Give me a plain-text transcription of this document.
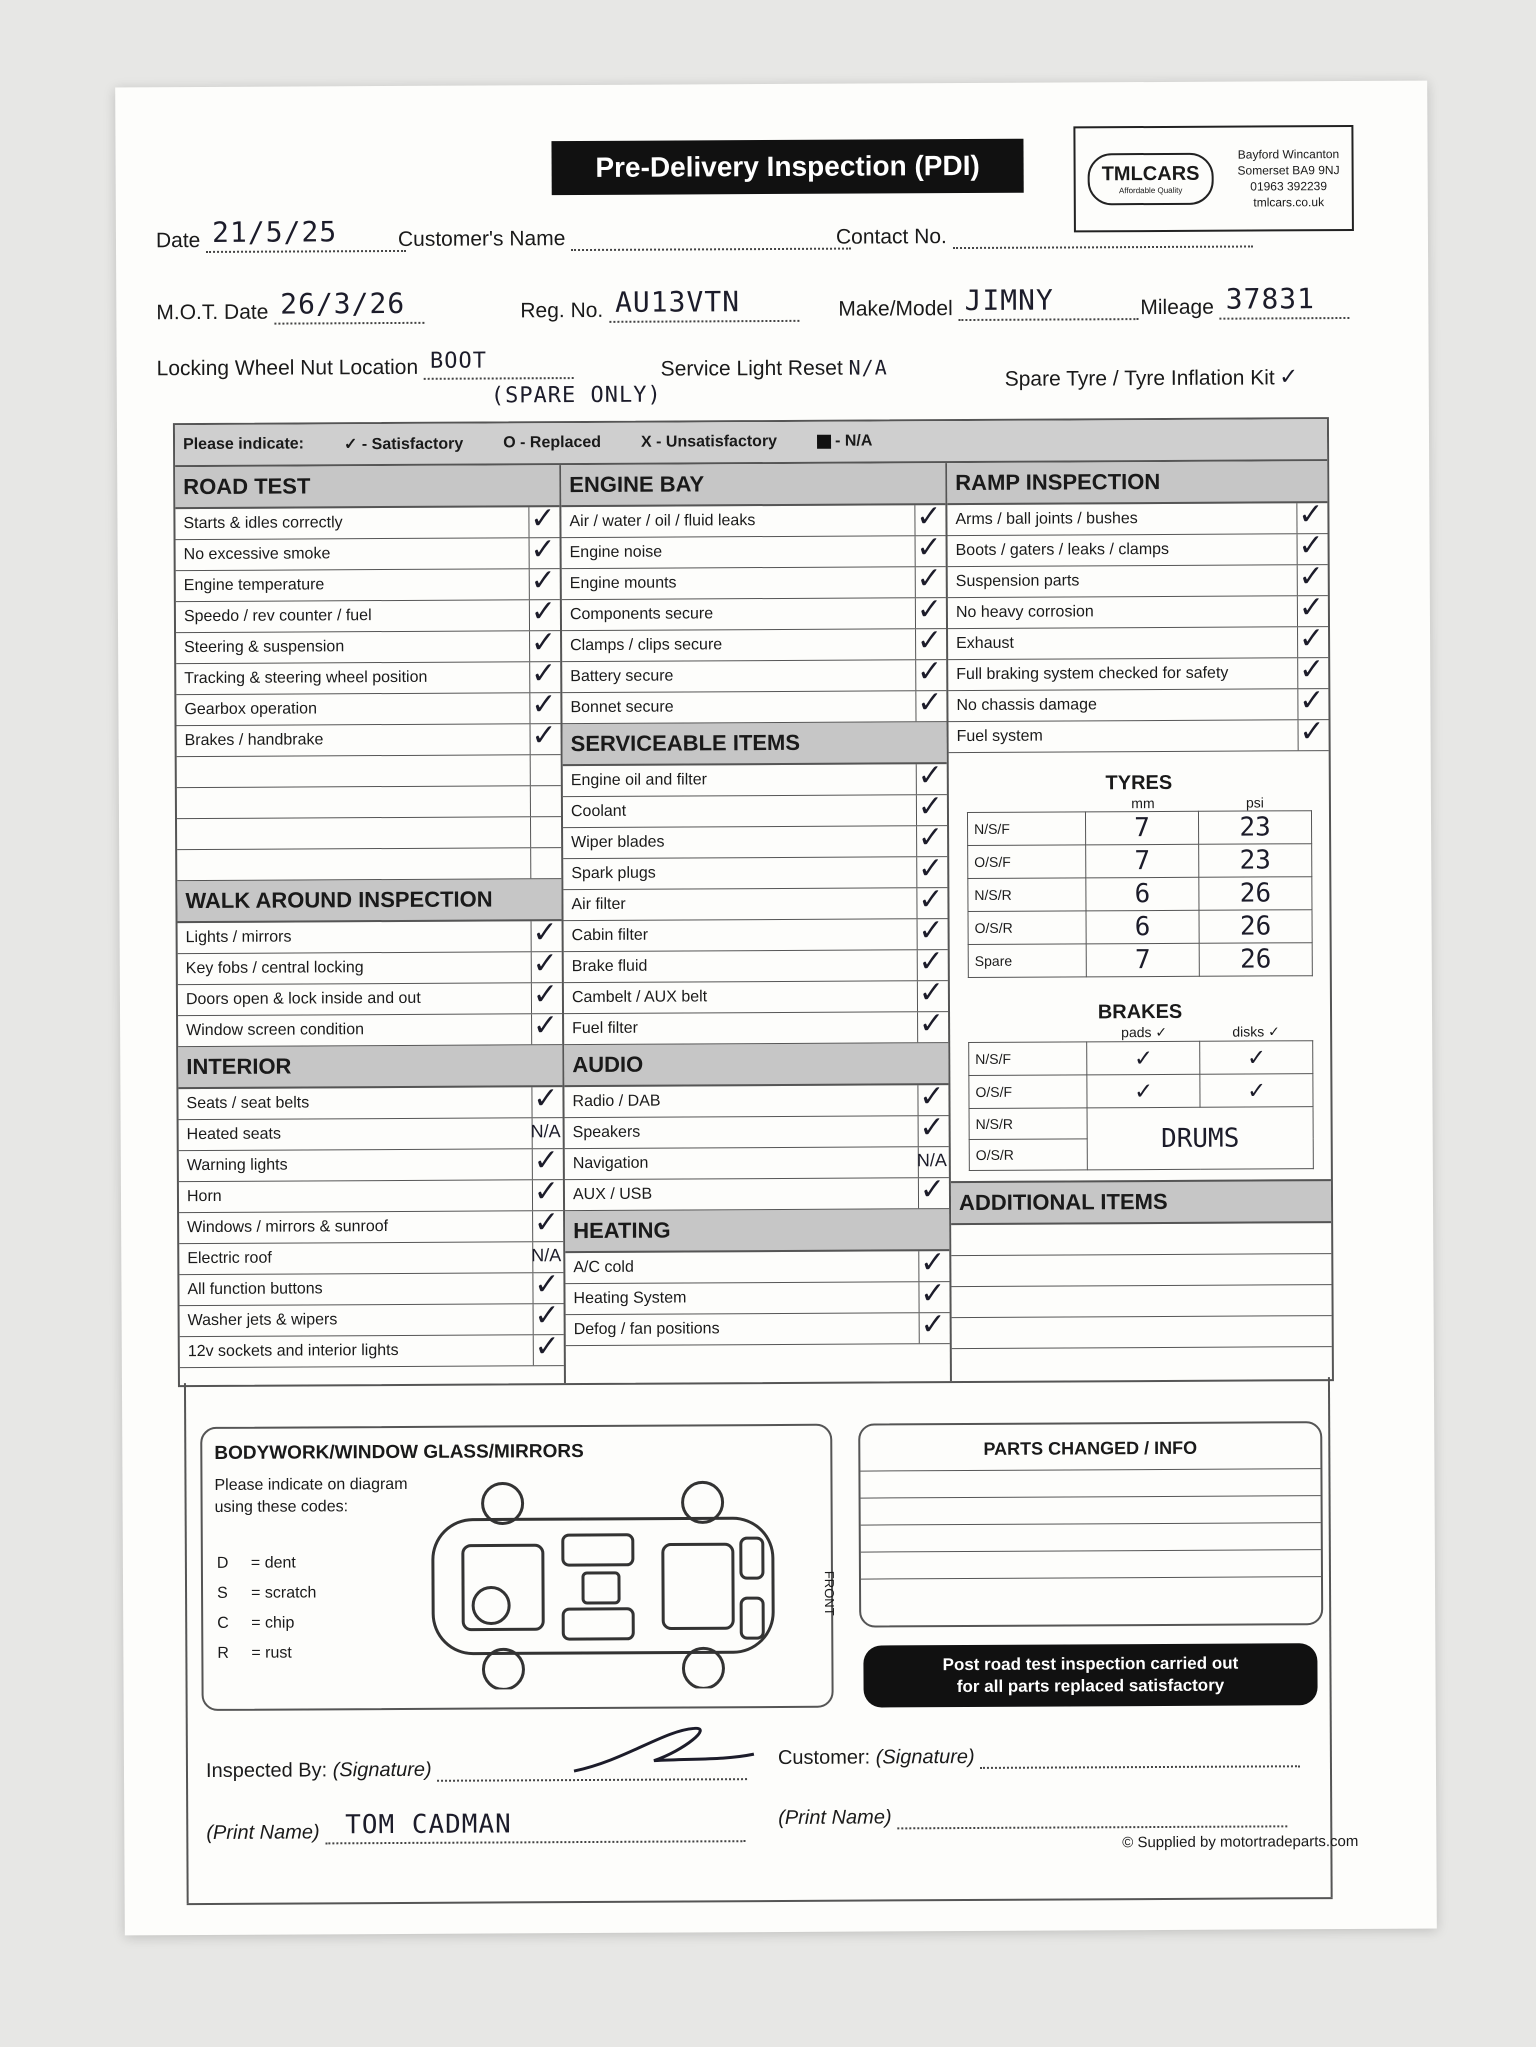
Pre-Delivery Inspection (PDI)	TMLCARS
Affordable Quality
Bayford Wincanton
Somerset BA9 9NJ
01963 392239
tmlcars.co.uk
Date 21/5/25	Customer's Name	Contact No.
M.O.T. Date 26/3/26	Reg. No. AU13VTN	Make/Model JIMNY	Mileage 37831
Locking Wheel Nut Location BOOT
(SPARE ONLY)
Service Light Reset N/A	Spare Tyre / Tyre Inflation Kit ✓
Please indicate: ✓ - Satisfactory O - Replaced X - Unsatisfactory	- N/A
ROAD TEST
Starts & idles correctly	✓
No excessive smoke	✓
Engine temperature	✓
Speedo / rev counter / fuel	✓
Steering & suspension	✓
Tracking & steering wheel position	✓
Gearbox operation	✓
Brakes / handbrake	✓
WALK AROUND INSPECTION
Lights / mirrors	✓
Key fobs / central locking	✓
Doors open & lock inside and out	✓
Window screen condition	✓
INTERIOR
Seats / seat belts	✓
Heated seats	N/A
Warning lights	✓
Horn	✓
Windows / mirrors & sunroof	✓
Electric roof	N/A
All function buttons	✓
Washer jets & wipers	✓
12v sockets and interior lights	✓
ENGINE BAY
Air / water / oil / fluid leaks	✓
Engine noise	✓
Engine mounts	✓
Components secure	✓
Clamps / clips secure	✓
Battery secure	✓
Bonnet secure	✓
SERVICEABLE ITEMS
Engine oil and filter	✓
Coolant	✓
Wiper blades	✓
Spark plugs	✓
Air filter	✓
Cabin filter	✓
Brake fluid	✓
Cambelt / AUX belt	✓
Fuel filter	✓
AUDIO
Radio / DAB	✓
Speakers	✓
Navigation	N/A
AUX / USB	✓
HEATING
A/C cold	✓
Heating System	✓
Defog / fan positions	✓
RAMP INSPECTION
Arms / ball joints / bushes	✓
Boots / gaters / leaks / clamps	✓
Suspension parts	✓
No heavy corrosion	✓
Exhaust	✓
Full braking system checked for safety ✓
No chassis damage	✓
Fuel system	✓
TYRES
mm	psi
N/S/F	7	23
O/S/F	7	23
N/S/R	6	26
O/S/R	6	26
Spare	7	26
BRAKES
pads ✓	disks ✓
N/S/F	✓	✓
O/S/F	✓	✓
N/S/R	DRUMS	
O/S/R		
ADDITIONAL ITEMS
BODYWORK/WINDOW GLASS/MIRRORS
Please indicate on diagram
using these codes:
D = dent
S = scratch
C = chip
R = rust
FRONT
PARTS CHANGED / INFO
Post road test inspection carried out
for all parts replaced satisfactory
Inspected By: (Signature)
Customer: (Signature)
(Print Name) TOM CADMAN	(Print Name)
© Supplied by motortradeparts.com
